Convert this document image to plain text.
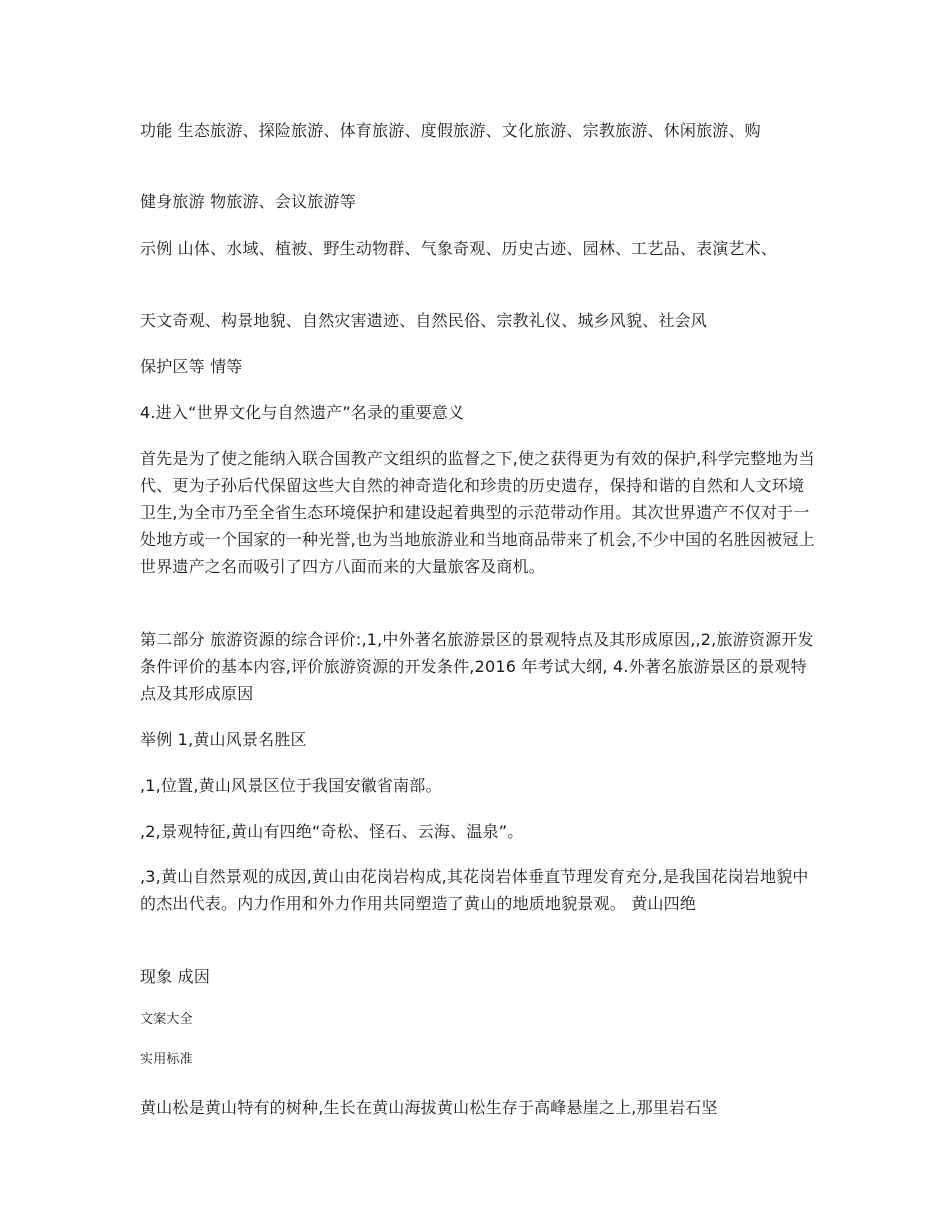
功能 生态旅游、探险旅游、体育旅游、度假旅游、文化旅游、宗教旅游、休闲旅游、购

健身旅游 物旅游、会议旅游等

示例 山体、水域、植被、野生动物群、气象奇观、历史古迹、园林、工艺品、表演艺术、

天文奇观、构景地貌、自然灾害遗迹、自然民俗、宗教礼仪、城乡风貌、社会风

保护区等 情等

4.进入“世界文化与自然遗产”名录的重要意义

首先是为了使之能纳入联合国教产文组织的监督之下,使之获得更为有效的保护,科学完整地为当代、更为子孙后代保留这些大自然的神奇造化和珍贵的历史遗存，保持和谐的自然和人文环境卫生,为全市乃至全省生态环境保护和建设起着典型的示范带动作用。其次世界遗产不仅对于一处地方或一个国家的一种光誉,也为当地旅游业和当地商品带来了机会,不少中国的名胜因被冠上世界遗产之名而吸引了四方八面而来的大量旅客及商机。

第二部分 旅游资源的综合评价:,1,中外著名旅游景区的景观特点及其形成原因,,2,旅游资源开发条件评价的基本内容,评价旅游资源的开发条件,2016 年考试大纲, 4.外著名旅游景区的景观特点及其形成原因

举例 1,黄山风景名胜区

,1,位置,黄山风景区位于我国安徽省南部。

,2,景观特征,黄山有四绝“奇松、怪石、云海、温泉”。

,3,黄山自然景观的成因,黄山由花岗岩构成,其花岗岩体垂直节理发育充分,是我国花岗岩地貌中的杰出代表。内力作用和外力作用共同塑造了黄山的地质地貌景观。 黄山四绝

现象 成因

文案大全

实用标准

黄山松是黄山特有的树种,生长在黄山海拔黄山松生存于高峰悬崖之上,那里岩石坚
